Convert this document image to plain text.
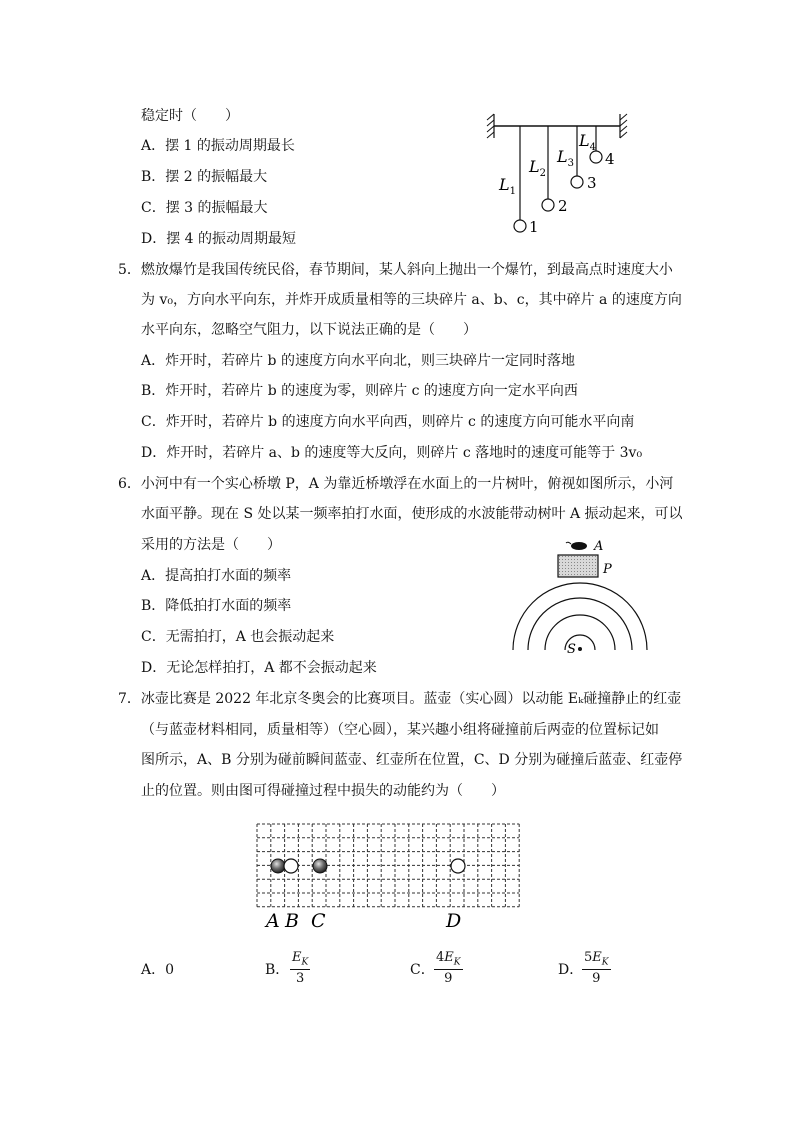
稳定时（　　）
A．摆 1 的振动周期最长
B．摆 2 的振幅最大
C．摆 3 的振幅最大
D．摆 4 的振动周期最短
1
2
3
4
$L_1$
$L_2$
$L_3$
$L_4$
5．燃放爆竹是我国传统民俗，春节期间，某人斜向上抛出一个爆竹，到最高点时速度大小
为 v₀，方向水平向东，并炸开成质量相等的三块碎片 a、b、c，其中碎片 a 的速度方向
水平向东，忽略空气阻力，以下说法正确的是（　　）
A．炸开时，若碎片 b 的速度方向水平向北，则三块碎片一定同时落地
B．炸开时，若碎片 b 的速度为零，则碎片 c 的速度方向一定水平向西
C．炸开时，若碎片 b 的速度方向水平向西，则碎片 c 的速度方向可能水平向南
D．炸开时，若碎片 a、b 的速度等大反向，则碎片 c 落地时的速度可能等于 3v₀
6．小河中有一个实心桥墩 P，A 为靠近桥墩浮在水面上的一片树叶，俯视如图所示，小河
水面平静。现在 S 处以某一频率拍打水面，使形成的水波能带动树叶 A 振动起来，可以
采用的方法是（　　）
A．提高拍打水面的频率
B．降低拍打水面的频率
C．无需拍打，A 也会振动起来
D．无论怎样拍打，A 都不会振动起来
A
P
S
7．冰壶比赛是 2022 年北京冬奥会的比赛项目。蓝壶（实心圆）以动能 Eₖ碰撞静止的红壶
（与蓝壶材料相同，质量相等）（空心圆），某兴趣小组将碰撞前后两壶的位置标记如
图所示，A、B 分别为碰前瞬间蓝壶、红壶所在位置，C、D 分别为碰撞后蓝壶、红壶停
止的位置。则由图可得碰撞过程中损失的动能约为（　　）
A B C	D
A．0	B． $\frac{E_K}{3}$	C． $\frac{4E_K}{9}$	D．
$\frac{5E_K}{9}$
